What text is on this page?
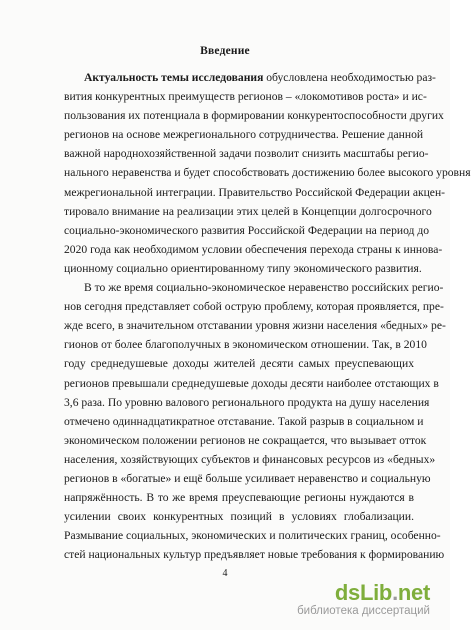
Введение
Актуальность темы исследования обусловлена необходимостью раз-
вития конкурентных преимуществ регионов – «локомотивов роста» и ис-
пользования их потенциала в формировании конкурентоспособности других
регионов на основе межрегионального сотрудничества. Решение данной
важной народнохозяйственной задачи позволит снизить масштабы регио-
нального неравенства и будет способствовать достижению более высокого уровня
межрегиональной интеграции. Правительство Российской Федерации акцен-
тировало внимание на реализации этих целей в Концепции долгосрочного
социально-экономического развития Российской Федерации на период до
2020 года как необходимом условии обеспечения перехода страны к иннова-
ционному социально ориентированному типу экономического развития.
В то же время социально-экономическое неравенство российских регио-
нов сегодня представляет собой острую проблему, которая проявляется, пре-
жде всего, в значительном отставании уровня жизни населения «бедных» ре-
гионов от более благополучных в экономическом отношении. Так, в 2010
году среднедушевые доходы жителей десяти самых преуспевающих
регионов превышали среднедушевые доходы десяти наиболее отстающих в
3,6 раза. По уровню валового регионального продукта на душу населения
отмечено одиннадцатикратное отставание. Такой разрыв в социальном и
экономическом положении регионов не сокращается, что вызывает отток
населения, хозяйствующих субъектов и финансовых ресурсов из «бедных»
регионов в «богатые» и ещё больше усиливает неравенство и социальную
напряжённость. В то же время преуспевающие регионы нуждаются в
усилении своих конкурентных позиций в условиях глобализации.
Размывание социальных, экономических и политических границ, особенно-
стей национальных культур предъявляет новые требования к формированию
4
dsLib.net
библиотека диссертаций
